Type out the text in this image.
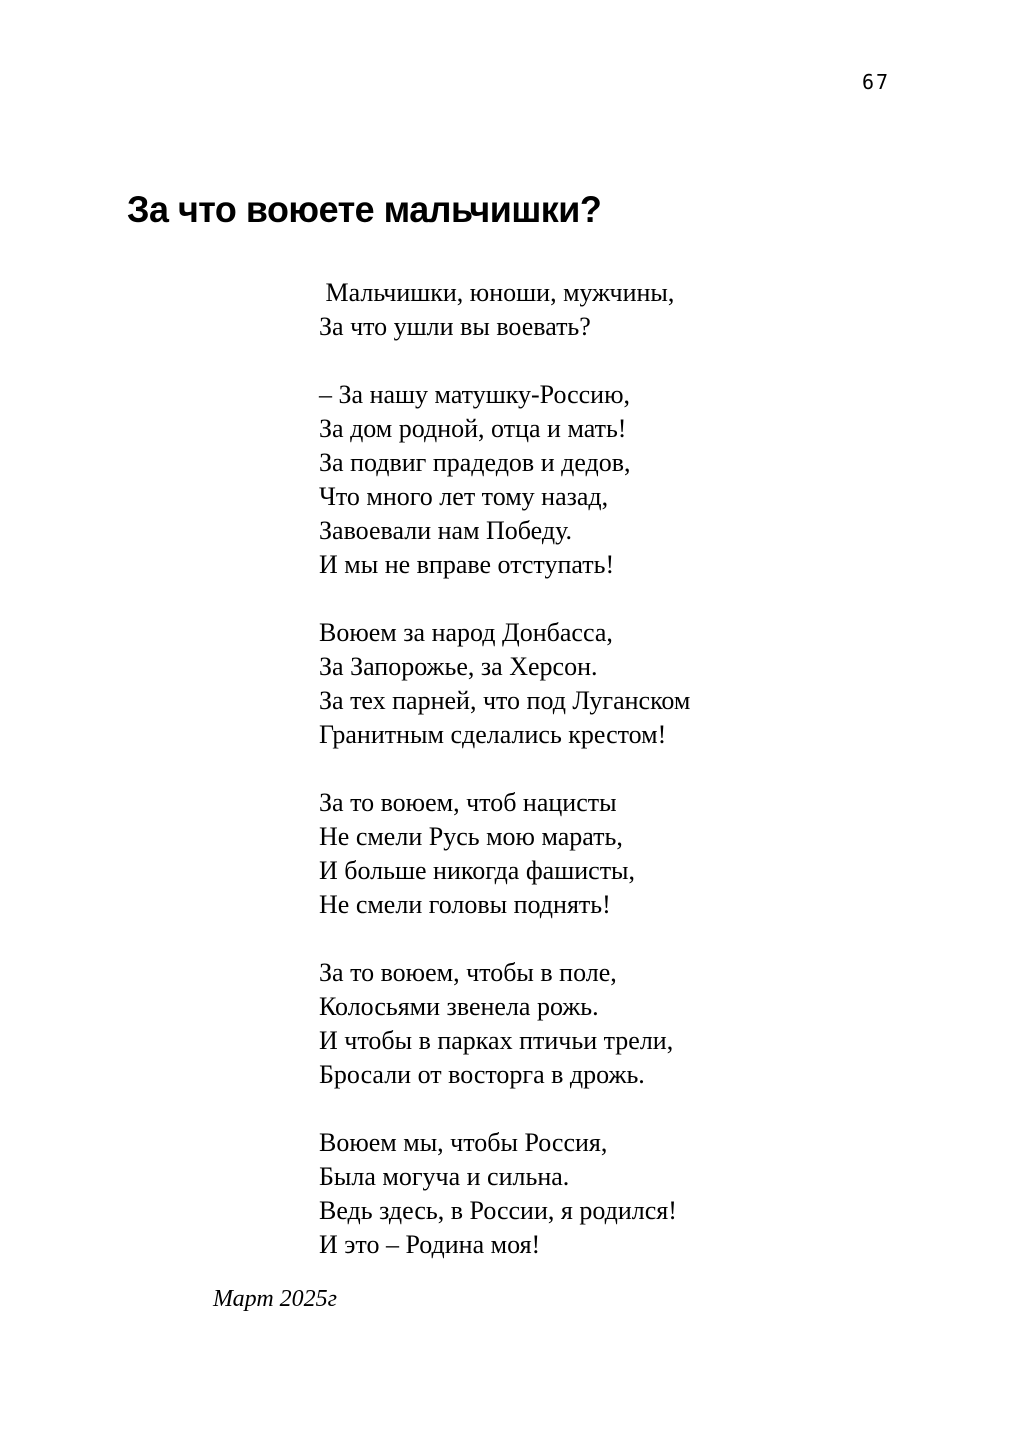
67
За что воюете мальчишки?
Мальчишки, юноши, мужчины,
За что ушли вы воевать?
– За нашу матушку-Россию,
За дом родной, отца и мать!
За подвиг прадедов и дедов,
Что много лет тому назад,
Завоевали нам Победу.
И мы не вправе отступать!
Воюем за народ Донбасса,
За Запорожье, за Херсон.
За тех парней, что под Луганском
Гранитным сделались крестом!
За то воюем, чтоб нацисты
Не смели Русь мою марать,
И больше никогда фашисты,
Не смели головы поднять!
За то воюем, чтобы в поле,
Колосьями звенела рожь.
И чтобы в парках птичьи трели,
Бросали от восторга в дрожь.
Воюем мы, чтобы Россия,
Была могуча и сильна.
Ведь здесь, в России, я родился!
И это – Родина моя!
Март 2025г
